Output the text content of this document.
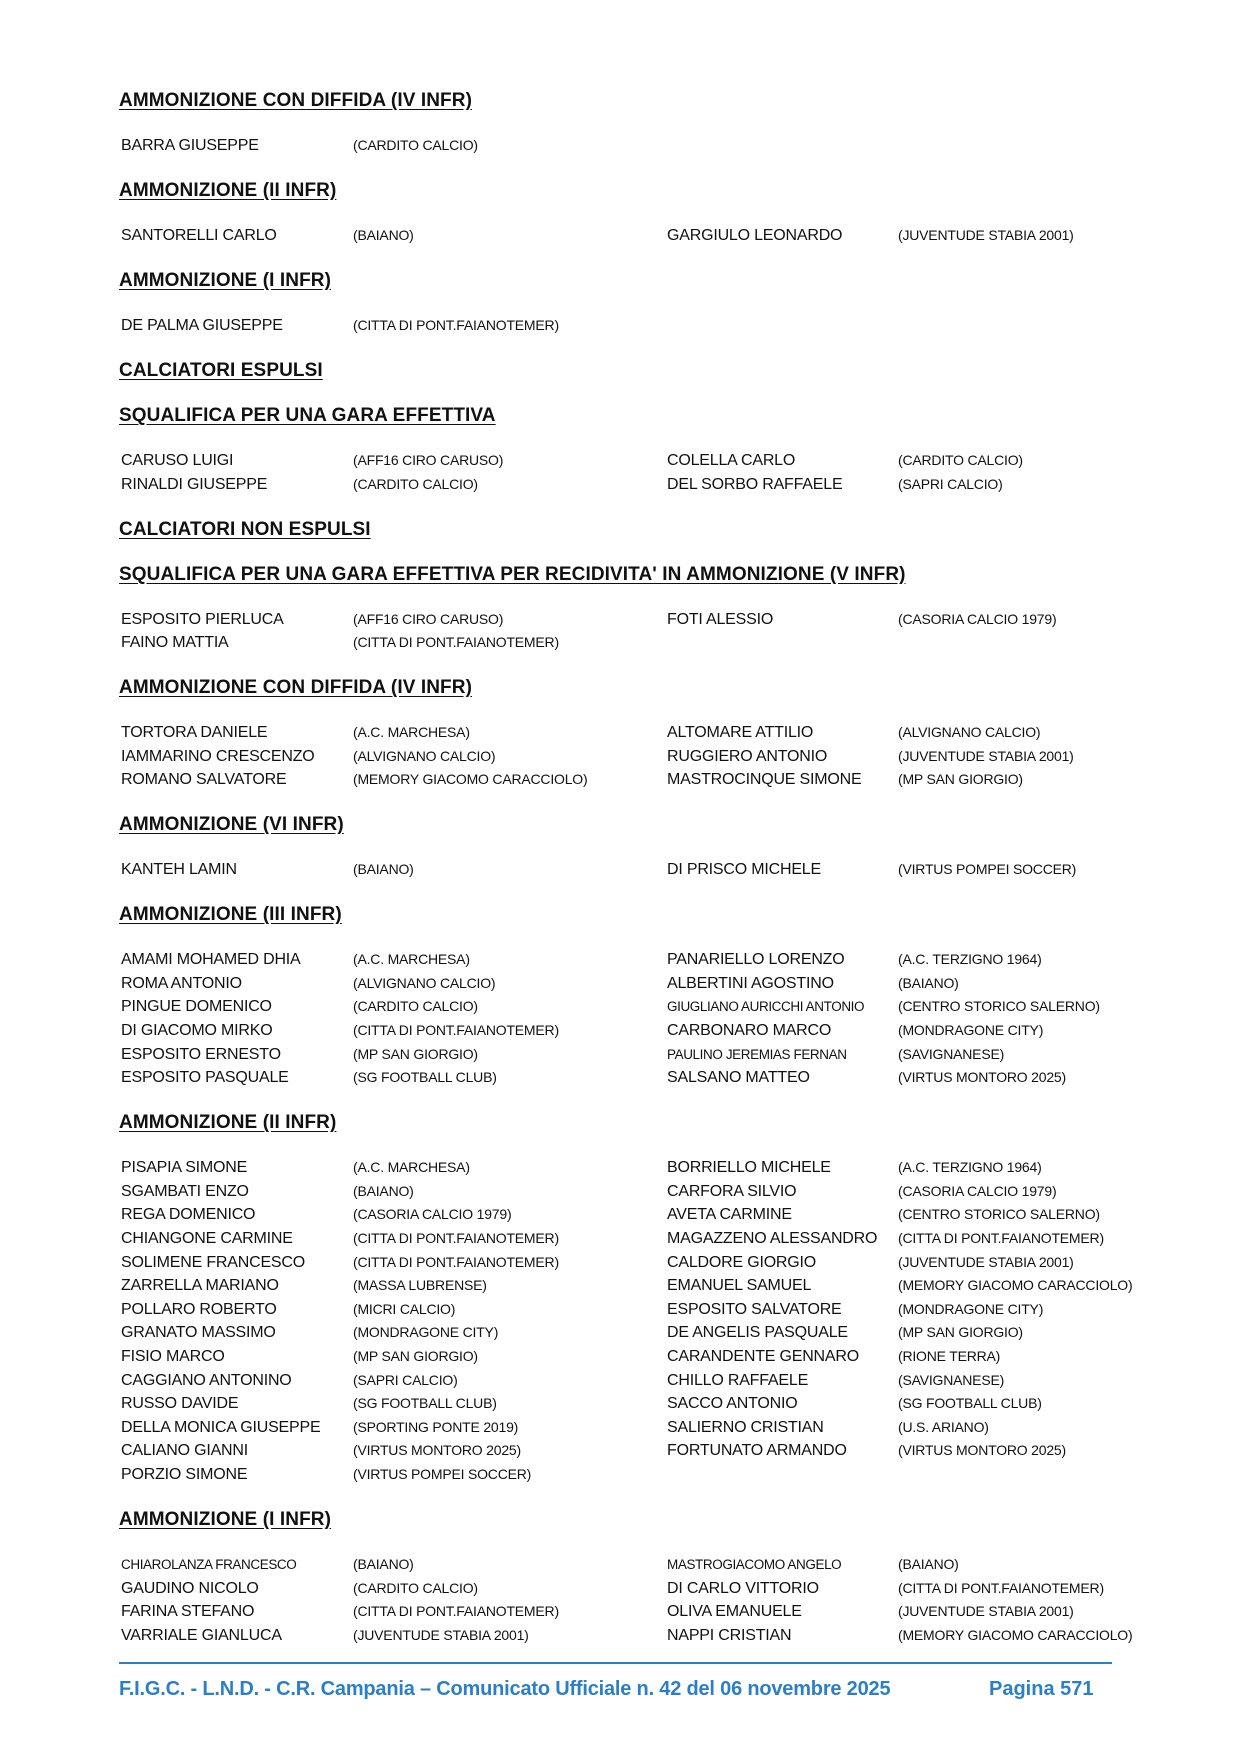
AMMONIZIONE CON DIFFIDA (IV INFR)
BARRA GIUSEPPE	(CARDITO CALCIO)
AMMONIZIONE (II INFR)
SANTORELLI CARLO	(BAIANO)	GARGIULO LEONARDO	(JUVENTUDE STABIA 2001)
AMMONIZIONE (I INFR)
DE PALMA GIUSEPPE	(CITTA DI PONT.FAIANOTEMER)
CALCIATORI ESPULSI
SQUALIFICA PER UNA GARA EFFETTIVA
CARUSO LUIGI	(AFF16 CIRO CARUSO)	COLELLA CARLO	(CARDITO CALCIO)
RINALDI GIUSEPPE	(CARDITO CALCIO)	DEL SORBO RAFFAELE	(SAPRI CALCIO)
CALCIATORI NON ESPULSI
SQUALIFICA PER UNA GARA EFFETTIVA PER RECIDIVITA' IN AMMONIZIONE (V INFR)
ESPOSITO PIERLUCA	(AFF16 CIRO CARUSO)	FOTI ALESSIO	(CASORIA CALCIO 1979)
FAINO MATTIA	(CITTA DI PONT.FAIANOTEMER)
AMMONIZIONE CON DIFFIDA (IV INFR)
TORTORA DANIELE	(A.C. MARCHESA)	ALTOMARE ATTILIO	(ALVIGNANO CALCIO)
IAMMARINO CRESCENZO	(ALVIGNANO CALCIO)	RUGGIERO ANTONIO	(JUVENTUDE STABIA 2001)
ROMANO SALVATORE	(MEMORY GIACOMO CARACCIOLO)	MASTROCINQUE SIMONE	(MP SAN GIORGIO)
AMMONIZIONE (VI INFR)
KANTEH LAMIN	(BAIANO)	DI PRISCO MICHELE	(VIRTUS POMPEI SOCCER)
AMMONIZIONE (III INFR)
AMAMI MOHAMED DHIA	(A.C. MARCHESA)	PANARIELLO LORENZO	(A.C. TERZIGNO 1964)
ROMA ANTONIO	(ALVIGNANO CALCIO)	ALBERTINI AGOSTINO	(BAIANO)
PINGUE DOMENICO	(CARDITO CALCIO)	GIUGLIANO AURICCHI ANTONIO (CENTRO STORICO SALERNO)
DI GIACOMO MIRKO	(CITTA DI PONT.FAIANOTEMER)	CARBONARO MARCO	(MONDRAGONE CITY)
ESPOSITO ERNESTO	(MP SAN GIORGIO)	PAULINO JEREMIAS FERNAN	(SAVIGNANESE)
ESPOSITO PASQUALE	(SG FOOTBALL CLUB)	SALSANO MATTEO	(VIRTUS MONTORO 2025)
AMMONIZIONE (II INFR)
PISAPIA SIMONE	(A.C. MARCHESA)	BORRIELLO MICHELE	(A.C. TERZIGNO 1964)
SGAMBATI ENZO	(BAIANO)	CARFORA SILVIO	(CASORIA CALCIO 1979)
REGA DOMENICO	(CASORIA CALCIO 1979)	AVETA CARMINE	(CENTRO STORICO SALERNO)
CHIANGONE CARMINE	(CITTA DI PONT.FAIANOTEMER)	MAGAZZENO ALESSANDRO (CITTA DI PONT.FAIANOTEMER)
SOLIMENE FRANCESCO	(CITTA DI PONT.FAIANOTEMER)	CALDORE GIORGIO	(JUVENTUDE STABIA 2001)
ZARRELLA MARIANO	(MASSA LUBRENSE)	EMANUEL SAMUEL	(MEMORY GIACOMO CARACCIOLO)
POLLARO ROBERTO	(MICRI CALCIO)	ESPOSITO SALVATORE	(MONDRAGONE CITY)
GRANATO MASSIMO	(MONDRAGONE CITY)	DE ANGELIS PASQUALE	(MP SAN GIORGIO)
FISIO MARCO	(MP SAN GIORGIO)	CARANDENTE GENNARO	(RIONE TERRA)
CAGGIANO ANTONINO	(SAPRI CALCIO)	CHILLO RAFFAELE	(SAVIGNANESE)
RUSSO DAVIDE	(SG FOOTBALL CLUB)	SACCO ANTONIO	(SG FOOTBALL CLUB)
DELLA MONICA GIUSEPPE (SPORTING PONTE 2019)	SALIERNO CRISTIAN	(U.S. ARIANO)
CALIANO GIANNI	(VIRTUS MONTORO 2025)	FORTUNATO ARMANDO	(VIRTUS MONTORO 2025)
PORZIO SIMONE	(VIRTUS POMPEI SOCCER)
AMMONIZIONE (I INFR)
CHIAROLANZA FRANCESCO	(BAIANO)	MASTROGIACOMO ANGELO	(BAIANO)
GAUDINO NICOLO	(CARDITO CALCIO)	DI CARLO VITTORIO	(CITTA DI PONT.FAIANOTEMER)
FARINA STEFANO	(CITTA DI PONT.FAIANOTEMER)	OLIVA EMANUELE	(JUVENTUDE STABIA 2001)
VARRIALE GIANLUCA	(JUVENTUDE STABIA 2001)	NAPPI CRISTIAN	(MEMORY GIACOMO CARACCIOLO)
F.I.G.C. - L.N.D. - C.R. Campania – Comunicato Ufficiale n. 42 del 06 novembre 2025	Pagina 571
